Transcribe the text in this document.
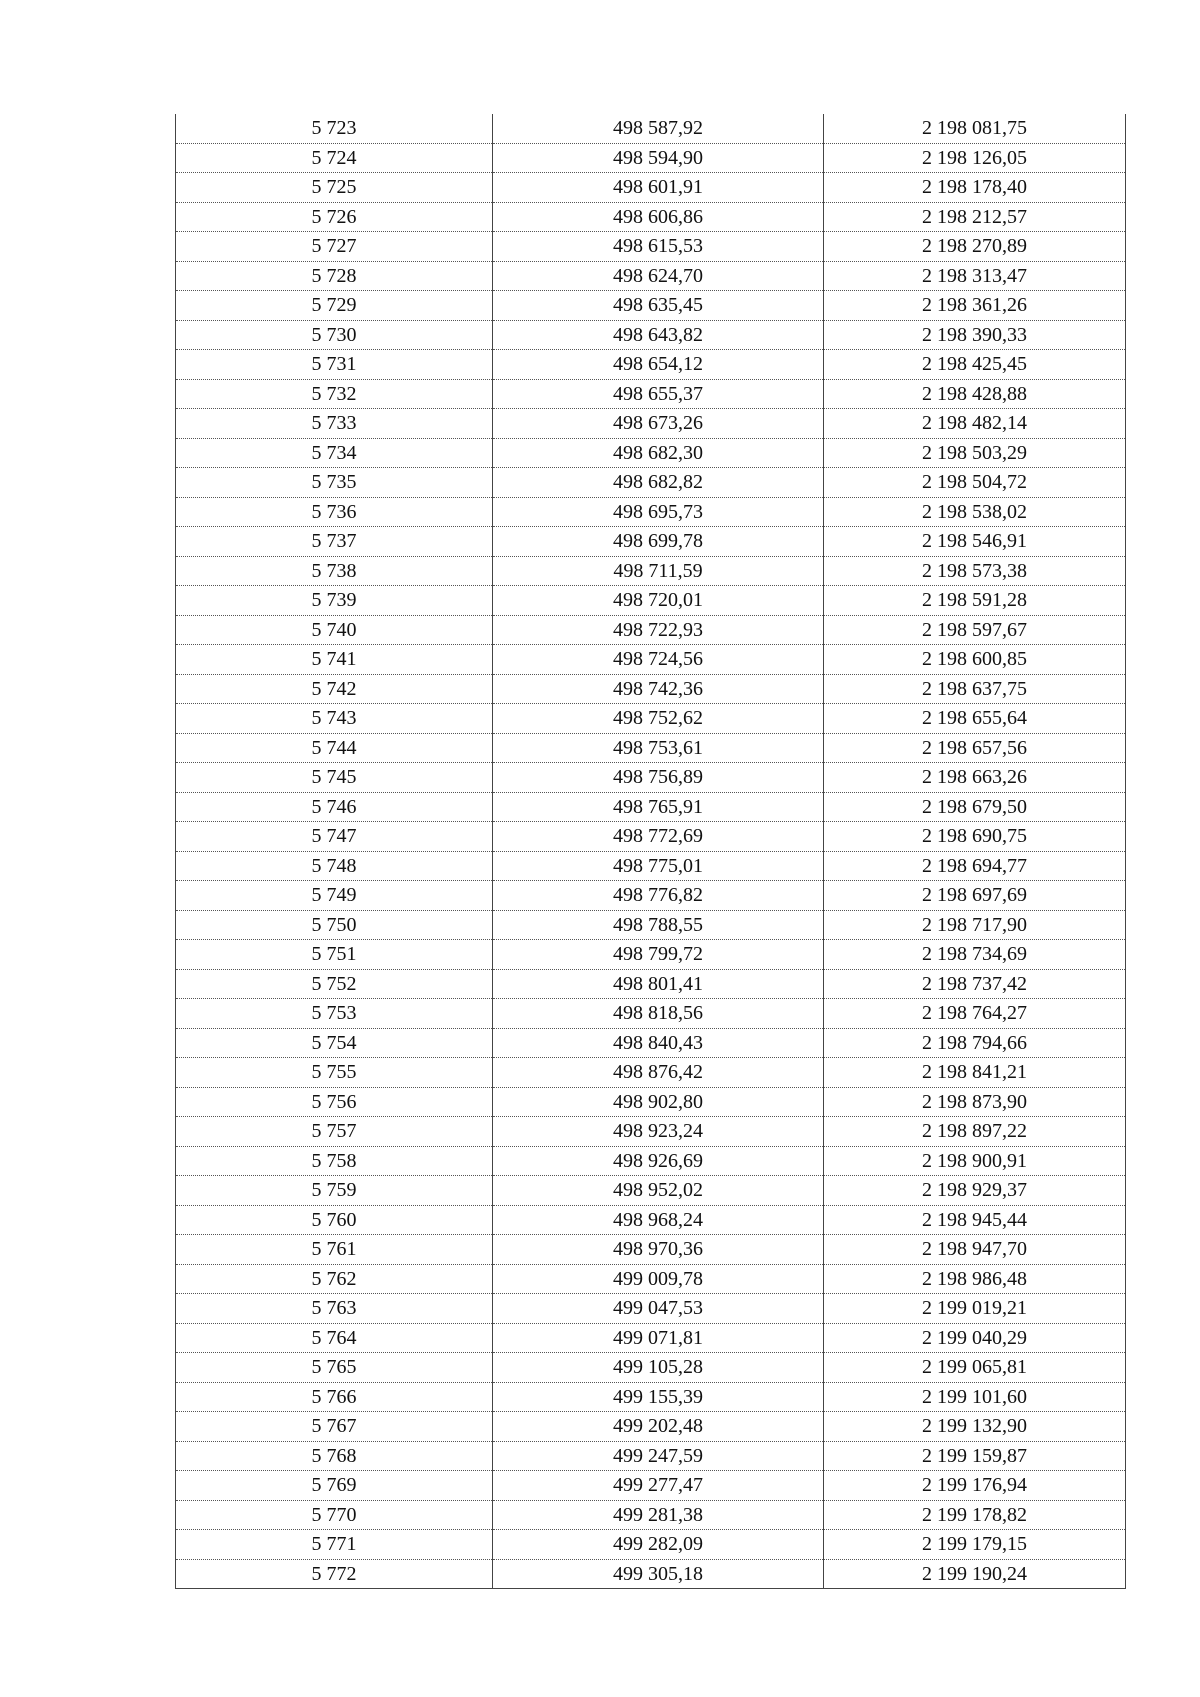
5 723	498 587,92	2 198 081,75
5 724	498 594,90	2 198 126,05
5 725	498 601,91	2 198 178,40
5 726	498 606,86	2 198 212,57
5 727	498 615,53	2 198 270,89
5 728	498 624,70	2 198 313,47
5 729	498 635,45	2 198 361,26
5 730	498 643,82	2 198 390,33
5 731	498 654,12	2 198 425,45
5 732	498 655,37	2 198 428,88
5 733	498 673,26	2 198 482,14
5 734	498 682,30	2 198 503,29
5 735	498 682,82	2 198 504,72
5 736	498 695,73	2 198 538,02
5 737	498 699,78	2 198 546,91
5 738	498 711,59	2 198 573,38
5 739	498 720,01	2 198 591,28
5 740	498 722,93	2 198 597,67
5 741	498 724,56	2 198 600,85
5 742	498 742,36	2 198 637,75
5 743	498 752,62	2 198 655,64
5 744	498 753,61	2 198 657,56
5 745	498 756,89	2 198 663,26
5 746	498 765,91	2 198 679,50
5 747	498 772,69	2 198 690,75
5 748	498 775,01	2 198 694,77
5 749	498 776,82	2 198 697,69
5 750	498 788,55	2 198 717,90
5 751	498 799,72	2 198 734,69
5 752	498 801,41	2 198 737,42
5 753	498 818,56	2 198 764,27
5 754	498 840,43	2 198 794,66
5 755	498 876,42	2 198 841,21
5 756	498 902,80	2 198 873,90
5 757	498 923,24	2 198 897,22
5 758	498 926,69	2 198 900,91
5 759	498 952,02	2 198 929,37
5 760	498 968,24	2 198 945,44
5 761	498 970,36	2 198 947,70
5 762	499 009,78	2 198 986,48
5 763	499 047,53	2 199 019,21
5 764	499 071,81	2 199 040,29
5 765	499 105,28	2 199 065,81
5 766	499 155,39	2 199 101,60
5 767	499 202,48	2 199 132,90
5 768	499 247,59	2 199 159,87
5 769	499 277,47	2 199 176,94
5 770	499 281,38	2 199 178,82
5 771	499 282,09	2 199 179,15
5 772	499 305,18	2 199 190,24
